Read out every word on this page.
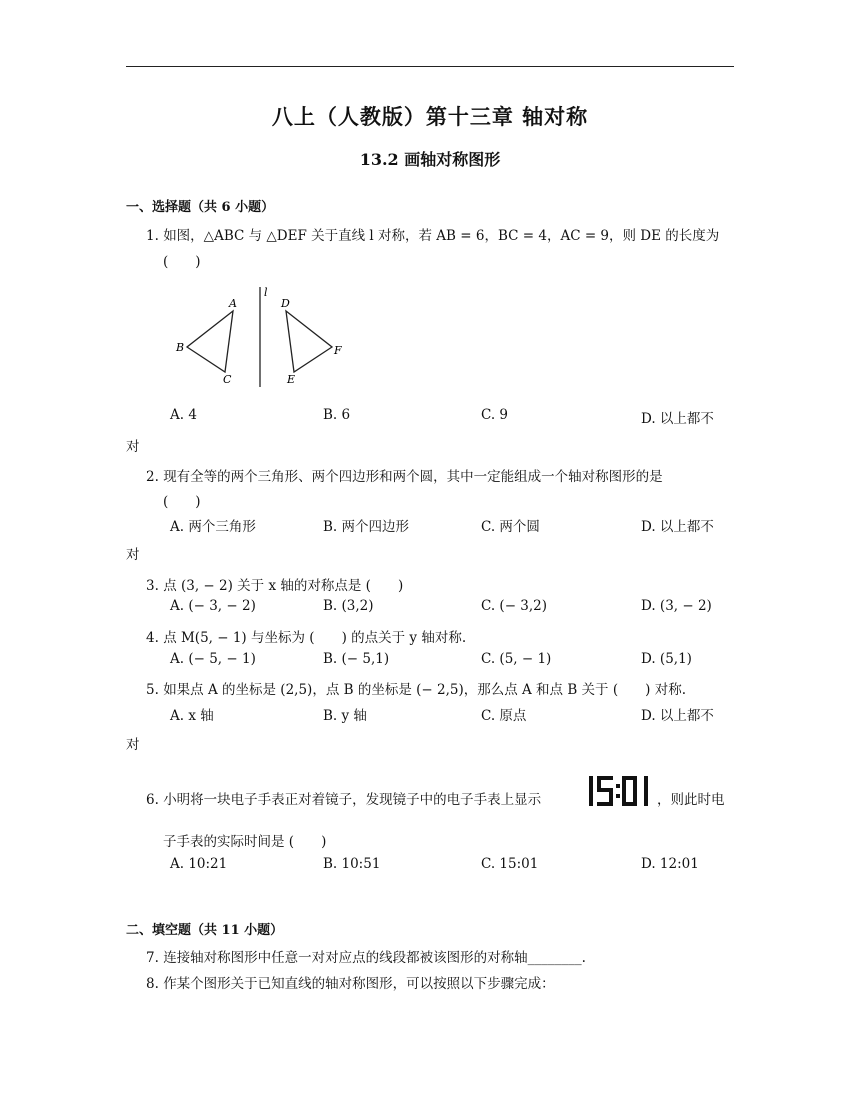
八上（人教版）第十三章 轴对称
13.2 画轴对称图形
一、选择题（共 6 小题）
1. 如图，△ABC 与 △DEF 关于直线 l 对称，若 AB = 6，BC = 4，AC = 9，则 DE 的长度为
(　　)
A
B
C
l
D
F
E
A. 4	B. 6	C. 9	D. 以上都不
对
2. 现有全等的两个三角形、两个四边形和两个圆，其中一定能组成一个轴对称图形的是
(　　)
A. 两个三角形	B. 两个四边形	C. 两个圆	D. 以上都不
对
3. 点 (3, − 2) 关于 x 轴的对称点是 (　　)
A. (− 3, − 2)	B. (3,2)	C. (− 3,2)	D. (3, − 2)
4. 点 M(5, − 1) 与坐标为 (　　) 的点关于 y 轴对称.
A. (− 5, − 1)	B. (− 5,1)	C. (5, − 1)	D. (5,1)
5. 如果点 A 的坐标是 (2,5)，点 B 的坐标是 (− 2,5)，那么点 A 和点 B 关于 (　　) 对称.
A. x 轴	B. y 轴	C. 原点	D. 以上都不
对
6. 小明将一块电子手表正对着镜子，发现镜子中的电子手表上显示	，则此时电
子手表的实际时间是 (　　)
A. 10:21	B. 10:51	C. 15:01	D. 12:01
二、填空题（共 11 小题）
7. 连接轴对称图形中任意一对对应点的线段都被该图形的对称轴________.
8. 作某个图形关于已知直线的轴对称图形，可以按照以下步骤完成：
